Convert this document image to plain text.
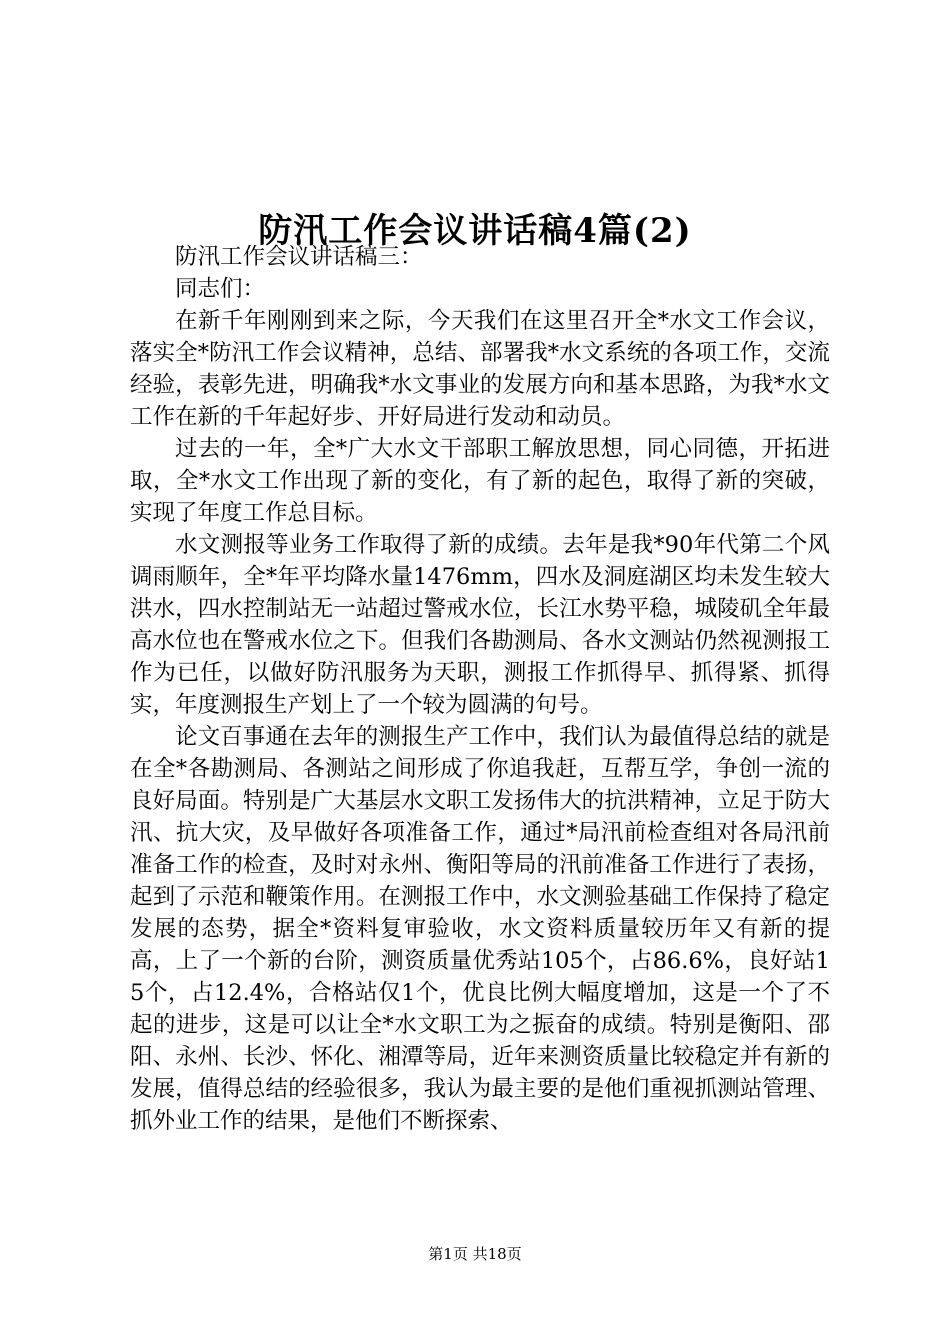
防汛工作会议讲话稿4篇(2)

防汛工作会议讲话稿三：

同志们：

在新千年刚刚到来之际，今天我们在这里召开全*水文工作会议，落实全*防汛工作会议精神，总结、部署我*水文系统的各项工作，交流经验，表彰先进，明确我*水文事业的发展方向和基本思路，为我*水文工作在新的千年起好步、开好局进行发动和动员。

过去的一年，全*广大水文干部职工解放思想，同心同德，开拓进取，全*水文工作出现了新的变化，有了新的起色，取得了新的突破，实现了年度工作总目标。

水文测报等业务工作取得了新的成绩。去年是我*90年代第二个风调雨顺年，全*年平均降水量1476mm，四水及洞庭湖区均未发生较大洪水，四水控制站无一站超过警戒水位，长江水势平稳，城陵矶全年最高水位也在警戒水位之下。但我们各勘测局、各水文测站仍然视测报工作为已任，以做好防汛服务为天职，测报工作抓得早、抓得紧、抓得实，年度测报生产划上了一个较为圆满的句号。

论文百事通在去年的测报生产工作中，我们认为最值得总结的就是在全*各勘测局、各测站之间形成了你追我赶，互帮互学，争创一流的良好局面。特别是广大基层水文职工发扬伟大的抗洪精神，立足于防大汛、抗大灾，及早做好各项准备工作，通过*局汛前检查组对各局汛前准备工作的检查，及时对永州、衡阳等局的汛前准备工作进行了表扬，起到了示范和鞭策作用。在测报工作中，水文测验基础工作保持了稳定发展的态势，据全*资料复审验收，水文资料质量较历年又有新的提高，上了一个新的台阶，测资质量优秀站105个，占86.6%，良好站15个，占12.4%，合格站仅1个，优良比例大幅度增加，这是一个了不起的进步，这是可以让全*水文职工为之振奋的成绩。特别是衡阳、邵阳、永州、长沙、怀化、湘潭等局，近年来测资质量比较稳定并有新的发展，值得总结的经验很多，我认为最主要的是他们重视抓测站管理、抓外业工作的结果，是他们不断探索、

第1页 共18页
